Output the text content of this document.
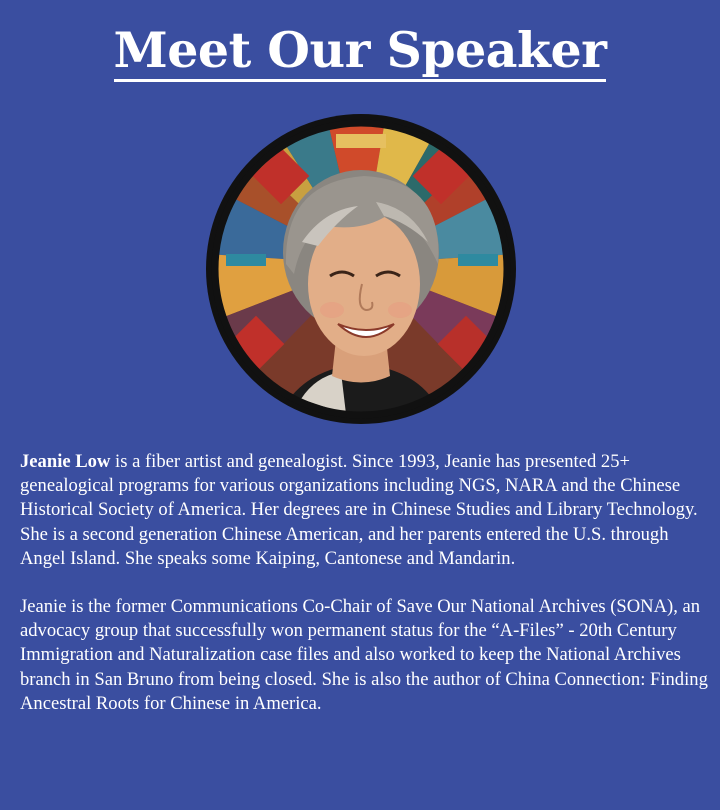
Meet Our Speaker

Jeanie Low is a fiber artist and genealogist. Since 1993, Jeanie has presented 25+ genealogical programs for various organizations including NGS, NARA and the Chinese Historical Society of America. Her degrees are in Chinese Studies and Library Technology. She is a second generation Chinese American, and her parents entered the U.S. through Angel Island. She speaks some Kaiping, Cantonese and Mandarin.

Jeanie is the former Communications Co-Chair of Save Our National Archives (SONA), an advocacy group that successfully won permanent status for the “A-Files” - 20th Century Immigration and Naturalization case files and also worked to keep the National Archives branch in San Bruno from being closed. She is also the author of China Connection: Finding Ancestral Roots for Chinese in America.
